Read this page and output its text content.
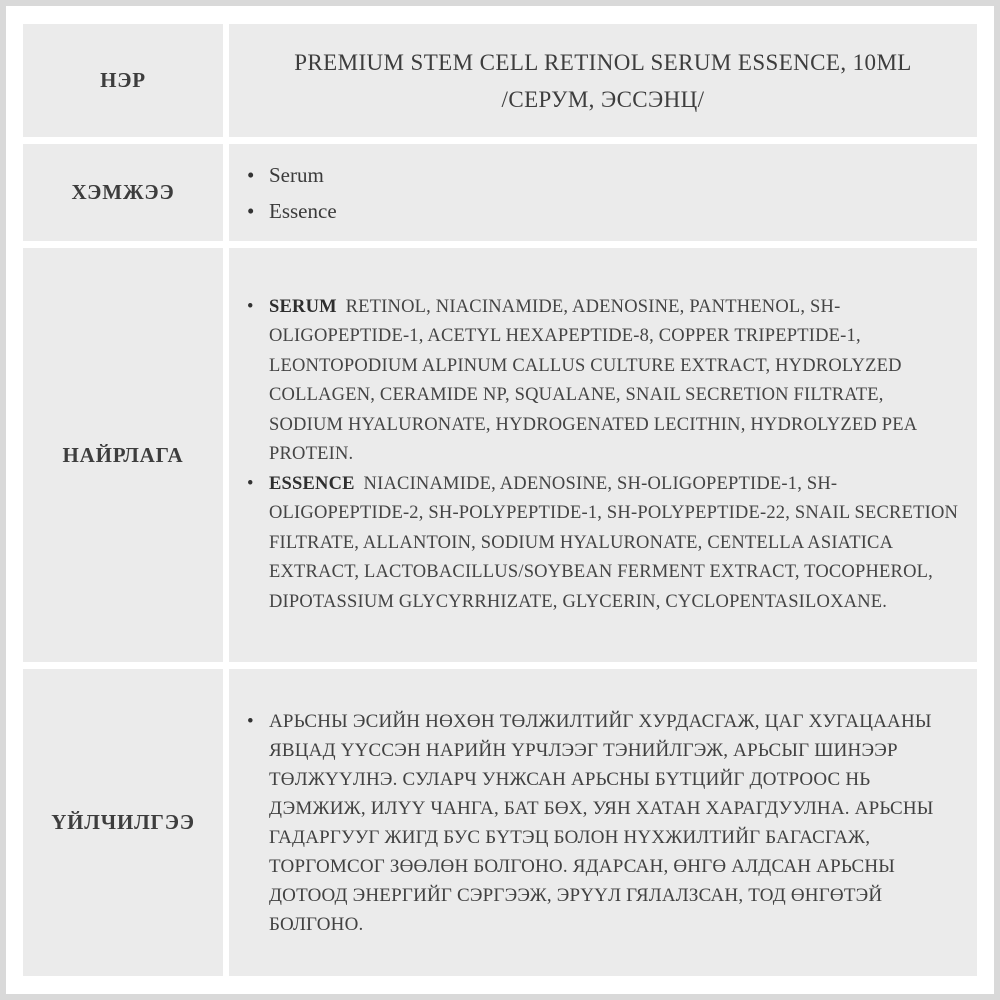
НЭР
PREMIUM STEM CELL RETINOL SERUM ESSENCE, 10ML
/СЕРУМ, ЭССЭНЦ/
ХЭМЖЭЭ
• Serum
• Essence
НАЙРЛАГА
• SERUM RETINOL, NIACINAMIDE, ADENOSINE, PANTHENOL, SH-OLIGOPEPTIDE-1, ACETYL HEXAPEPTIDE-8, COPPER TRIPEPTIDE-1, LEONTOPODIUM ALPINUM CALLUS CULTURE EXTRACT, HYDROLYZED COLLAGEN, CERAMIDE NP, SQUALANE, SNAIL SECRETION FILTRATE, SODIUM HYALURONATE, HYDROGENATED LECITHIN, HYDROLYZED PEA PROTEIN.
• ESSENCE NIACINAMIDE, ADENOSINE, SH-OLIGOPEPTIDE-1, SH-OLIGOPEPTIDE-2, SH-POLYPEPTIDE-1, SH-POLYPEPTIDE-22, SNAIL SECRETION FILTRATE, ALLANTOIN, SODIUM HYALURONATE, CENTELLA ASIATICA EXTRACT, LACTOBACILLUS/SOYBEAN FERMENT EXTRACT, TOCOPHEROL, DIPOTASSIUM GLYCYRRHIZATE, GLYCERIN, CYCLOPENTASILOXANE.
ҮЙЛЧИЛГЭЭ
• АРЬСНЫ ЭСИЙН НӨХӨН ТӨЛЖИЛТИЙГ ХУРДАСГАЖ, ЦАГ ХУГАЦААНЫ ЯВЦАД ҮҮССЭН НАРИЙН ҮРЧЛЭЭГ ТЭНИЙЛГЭЖ, АРЬСЫГ ШИНЭЭР ТӨЛЖҮҮЛНЭ. СУЛАРЧ УНЖСАН АРЬСНЫ БҮТЦИЙГ ДОТРООС НЬ ДЭМЖИЖ, ИЛҮҮ ЧАНГА, БАТ БӨХ, УЯН ХАТАН ХАРАГДУУЛНА. АРЬСНЫ ГАДАРГУУГ ЖИГД БУС БҮТЭЦ БОЛОН НҮХЖИЛТИЙГ БАГАСГАЖ, ТОРГОМСОГ ЗӨӨЛӨН БОЛГОНО. ЯДАРСАН, ӨНГӨ АЛДСАН АРЬСНЫ ДОТООД ЭНЕРГИЙГ СЭРГЭЭЖ, ЭРҮҮЛ ГЯЛАЛЗСАН, ТОД ӨНГӨТЭЙ БОЛГОНО.
